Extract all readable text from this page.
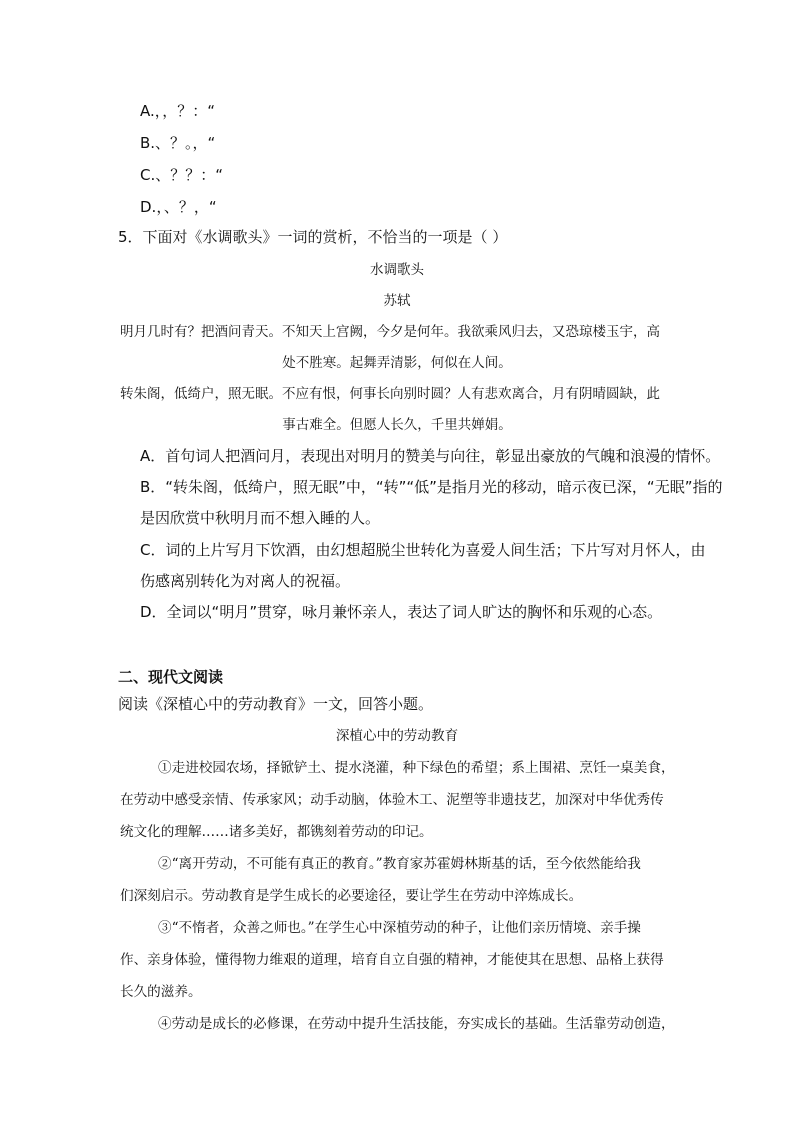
A.，，？：“
B.、？。，“
C.、？？：“
D.，、？，“
5．下面对《水调歌头》一词的赏析，不恰当的一项是（ ）
水调歌头
苏轼
明月几时有？把酒问青天。不知天上宫阙，今夕是何年。我欲乘风归去，又恐琼楼玉宇，高
处不胜寒。起舞弄清影，何似在人间。
转朱阁，低绮户，照无眠。不应有恨，何事长向别时圆？人有悲欢离合，月有阴晴圆缺，此
事古难全。但愿人长久，千里共婵娟。
A．首句词人把酒问月，表现出对明月的赞美与向往，彰显出豪放的气魄和浪漫的情怀。
B．“转朱阁，低绮户，照无眠”中，“转”“低”是指月光的移动，暗示夜已深，“无眠”指的
是因欣赏中秋明月而不想入睡的人。
C．词的上片写月下饮酒，由幻想超脱尘世转化为喜爱人间生活；下片写对月怀人，由
伤感离别转化为对离人的祝福。
D．全词以“明月”贯穿，咏月兼怀亲人，表达了词人旷达的胸怀和乐观的心态。
二、现代文阅读
阅读《深植心中的劳动教育》一文，回答小题。
深植心中的劳动教育
①走进校园农场，择锨铲土、提水浇灌，种下绿色的希望；系上围裙、烹饪一桌美食，
在劳动中感受亲情、传承家风；动手动脑，体验木工、泥塑等非遗技艺，加深对中华优秀传
统文化的理解……诸多美好，都镌刻着劳动的印记。
②“离开劳动，不可能有真正的教育。”教育家苏霍姆林斯基的话，至今依然能给我
们深刻启示。劳动教育是学生成长的必要途径，要让学生在劳动中淬炼成长。
③“不惰者，众善之师也。”在学生心中深植劳动的种子，让他们亲历情境、亲手操
作、亲身体验，懂得物力维艰的道理，培育自立自强的精神，才能使其在思想、品格上获得
长久的滋养。
④劳动是成长的必修课，在劳动中提升生活技能，夯实成长的基础。生活靠劳动创造，
